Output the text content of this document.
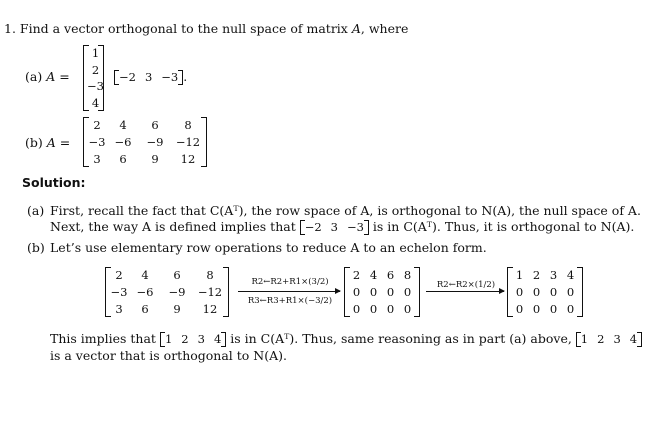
1. Find a vector orthogonal to the null space of matrix A, where
(a) A =
1
2
−3
4
−2 3 −3 .
(b) A =
2	4	6	8
−3 −6	−9	−12
3	6	9	12
Solution:
(a) First, recall the fact that C(Aᵀ), the row space of A, is orthogonal to N(A), the null space of A.
Next, the way A is defined implies that −2 3 −3 is in C(Aᵀ). Thus, it is orthogonal to N(A).
(b) Let’s use elementary row operations to reduce A to an echelon form.
2	4	6	8
−3 −6	−9	−12
3	6	9	12
R2←R2+R1×(3/2)
R3←R3+R1×(−3/2)
2 4 6 8
0 0 0 0
0 0 0 0
R2←R2×(1/2)
1 2 3 4
0 0 0 0
0 0 0 0
This implies that 1 2 3 4 is in C(Aᵀ). Thus, same reasoning as in part (a) above, 1 2 3 4
is a vector that is orthogonal to N(A).
